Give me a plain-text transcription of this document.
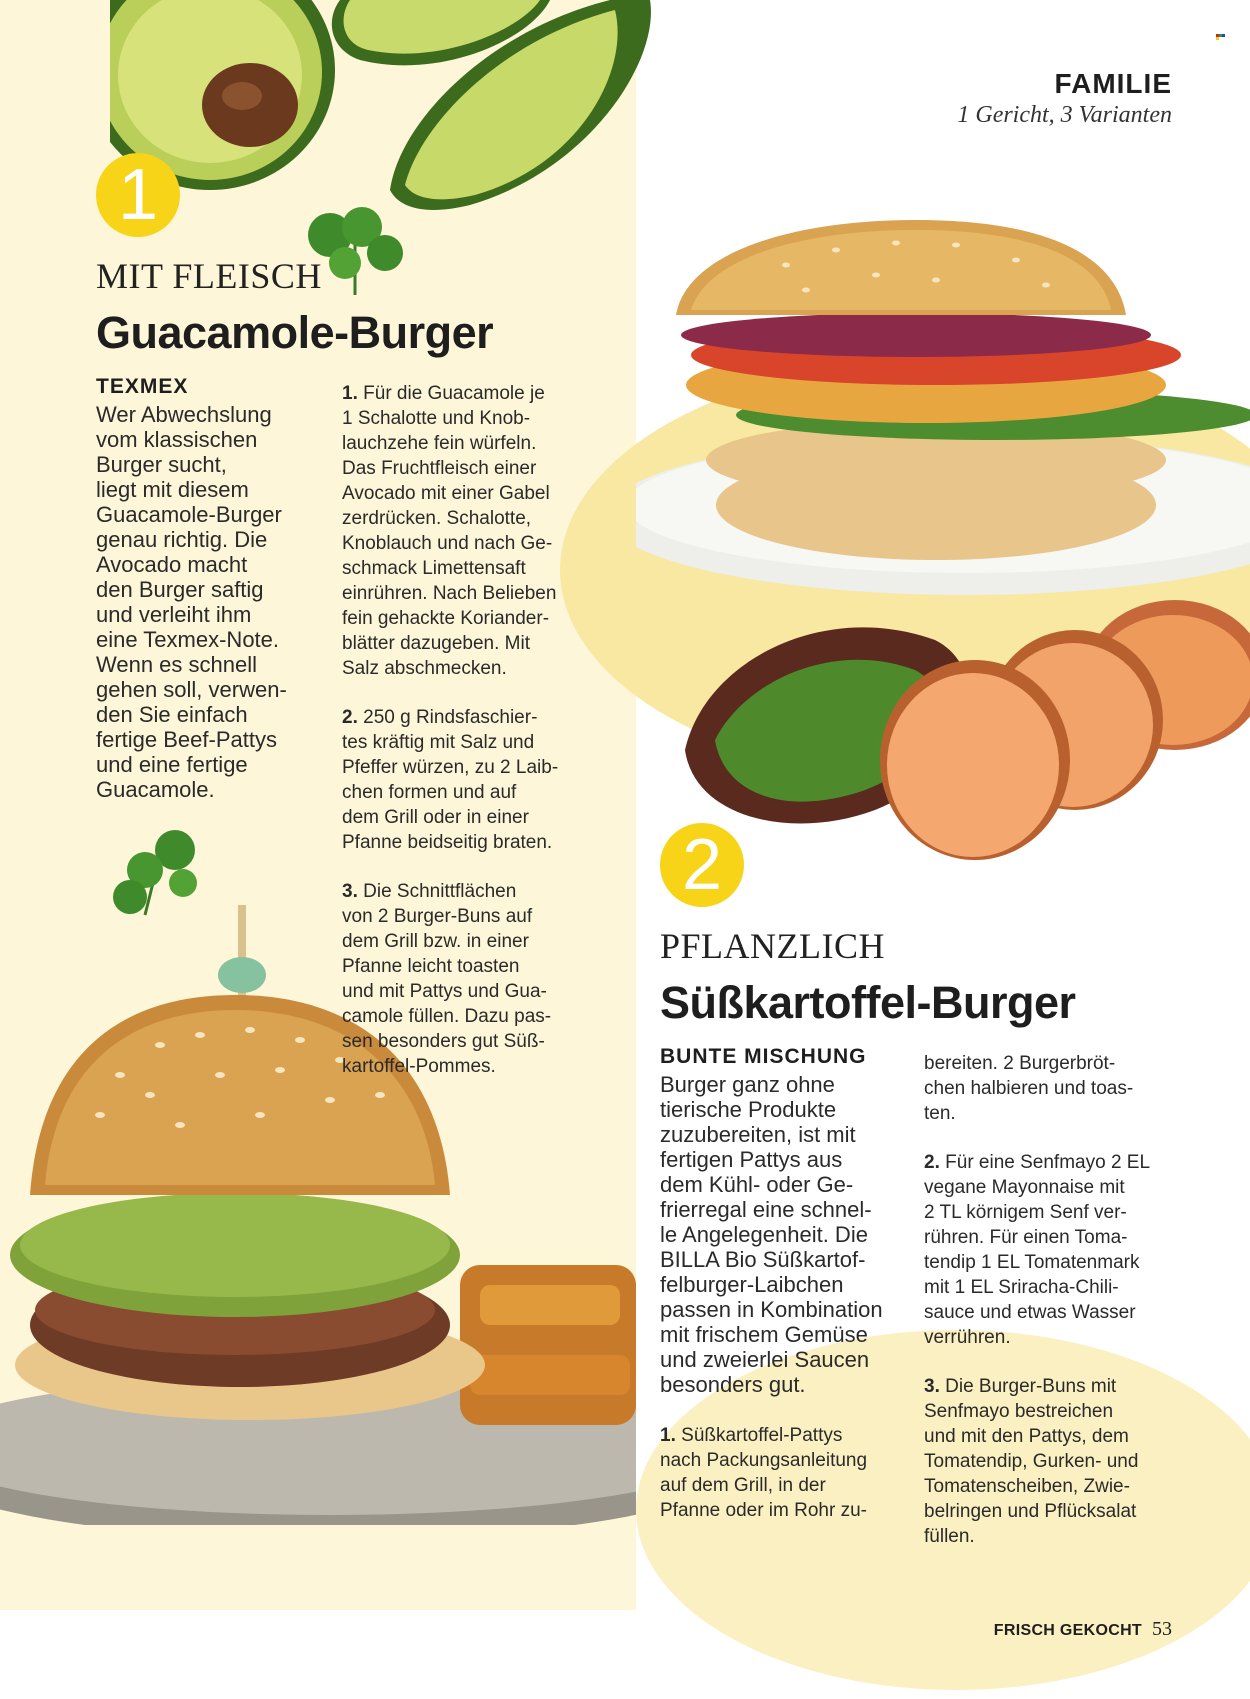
1
2
FAMILIE
1 Gericht, 3 Varianten
MIT FLEISCH
Guacamole-Burger
TEXMEX
Wer Abwechslung
vom klassischen
Burger sucht,
liegt mit diesem
Guacamole-Burger
genau richtig. Die
Avocado macht
den Burger saftig
und verleiht ihm
eine Texmex-Note.
Wenn es schnell
gehen soll, verwen-
den Sie einfach
fertige Beef-Pattys
und eine fertige
Guacamole.
1. Für die Guacamole je
1 Schalotte und Knob-
lauchzehe fein würfeln.
Das Fruchtfleisch einer
Avocado mit einer Gabel
zerdrücken. Schalotte,
Knoblauch und nach Ge-
schmack Limettensaft
einrühren. Nach Belieben
fein gehackte Koriander-
blätter dazugeben. Mit
Salz abschmecken.
2. 250 g Rindsfaschier-
tes kräftig mit Salz und
Pfeffer würzen, zu 2 Laib-
chen formen und auf
dem Grill oder in einer
Pfanne beidseitig braten.
3. Die Schnittflächen
von 2 Burger-Buns auf
dem Grill bzw. in einer
Pfanne leicht toasten
und mit Pattys und Gua-
camole füllen. Dazu pas-
sen besonders gut Süß-
kartoffel-Pommes.
PFLANZLICH
Süßkartoffel-Burger
BUNTE MISCHUNG
Burger ganz ohne
tierische Produkte
zuzubereiten, ist mit
fertigen Pattys aus
dem Kühl- oder Ge-
frierregal eine schnel-
le Angelegenheit. Die
BILLA Bio Süßkartof-
felburger-Laibchen
passen in Kombination
mit frischem Gemüse
und zweierlei Saucen
besonders gut.
1. Süßkartoffel-Pattys
nach Packungsanleitung
auf dem Grill, in der
Pfanne oder im Rohr zu-
bereiten. 2 Burgerbröt-
chen halbieren und toas-
ten.
2. Für eine Senfmayo 2 EL
vegane Mayonnaise mit
2 TL körnigem Senf ver-
rühren. Für einen Toma-
tendip 1 EL Tomatenmark
mit 1 EL Sriracha-Chili-
sauce und etwas Wasser
verrühren.
3. Die Burger-Buns mit
Senfmayo bestreichen
und mit den Pattys, dem
Tomatendip, Gurken- und
Tomatenscheiben, Zwie-
belringen und Pflücksalat
füllen.
FRISCH GEKOCHT 53
